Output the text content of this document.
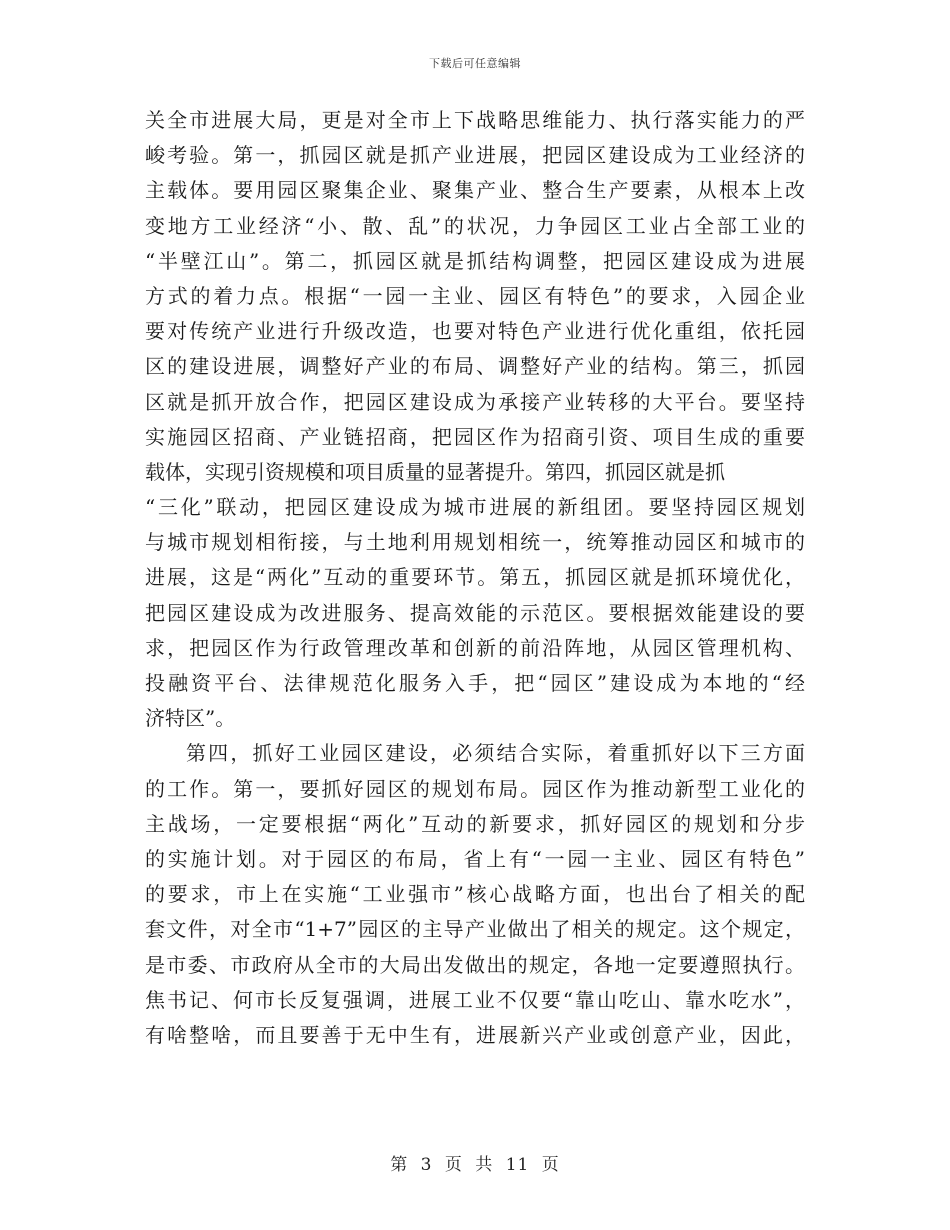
下载后可任意编辑
关全市进展大局，更是对全市上下战略思维能力、执行落实能力的严
峻考验。第一，抓园区就是抓产业进展，把园区建设成为工业经济的
主载体。要用园区聚集企业、聚集产业、整合生产要素，从根本上改
变地方工业经济“小、散、乱”的状况，力争园区工业占全部工业的
“半壁江山”。第二，抓园区就是抓结构调整，把园区建设成为进展
方式的着力点。根据“一园一主业、园区有特色”的要求，入园企业
要对传统产业进行升级改造，也要对特色产业进行优化重组，依托园
区的建设进展，调整好产业的布局、调整好产业的结构。第三，抓园
区就是抓开放合作，把园区建设成为承接产业转移的大平台。要坚持
实施园区招商、产业链招商，把园区作为招商引资、项目生成的重要
载体，实现引资规模和项目质量的显著提升。第四，抓园区就是抓
“三化”联动，把园区建设成为城市进展的新组团。要坚持园区规划
与城市规划相衔接，与土地利用规划相统一，统筹推动园区和城市的
进展，这是“两化”互动的重要环节。第五，抓园区就是抓环境优化，
把园区建设成为改进服务、提高效能的示范区。要根据效能建设的要
求，把园区作为行政管理改革和创新的前沿阵地，从园区管理机构、
投融资平台、法律规范化服务入手，把“园区”建设成为本地的“经
济特区”。
第四，抓好工业园区建设，必须结合实际，着重抓好以下三方面
的工作。第一，要抓好园区的规划布局。园区作为推动新型工业化的
主战场，一定要根据“两化”互动的新要求，抓好园区的规划和分步
的实施计划。对于园区的布局，省上有“一园一主业、园区有特色”
的要求，市上在实施“工业强市”核心战略方面，也出台了相关的配
套文件，对全市“1+7”园区的主导产业做出了相关的规定。这个规定，
是市委、市政府从全市的大局出发做出的规定，各地一定要遵照执行。
焦书记、何市长反复强调，进展工业不仅要“靠山吃山、靠水吃水”，
有啥整啥，而且要善于无中生有，进展新兴产业或创意产业，因此，
第 3 页 共 11 页
